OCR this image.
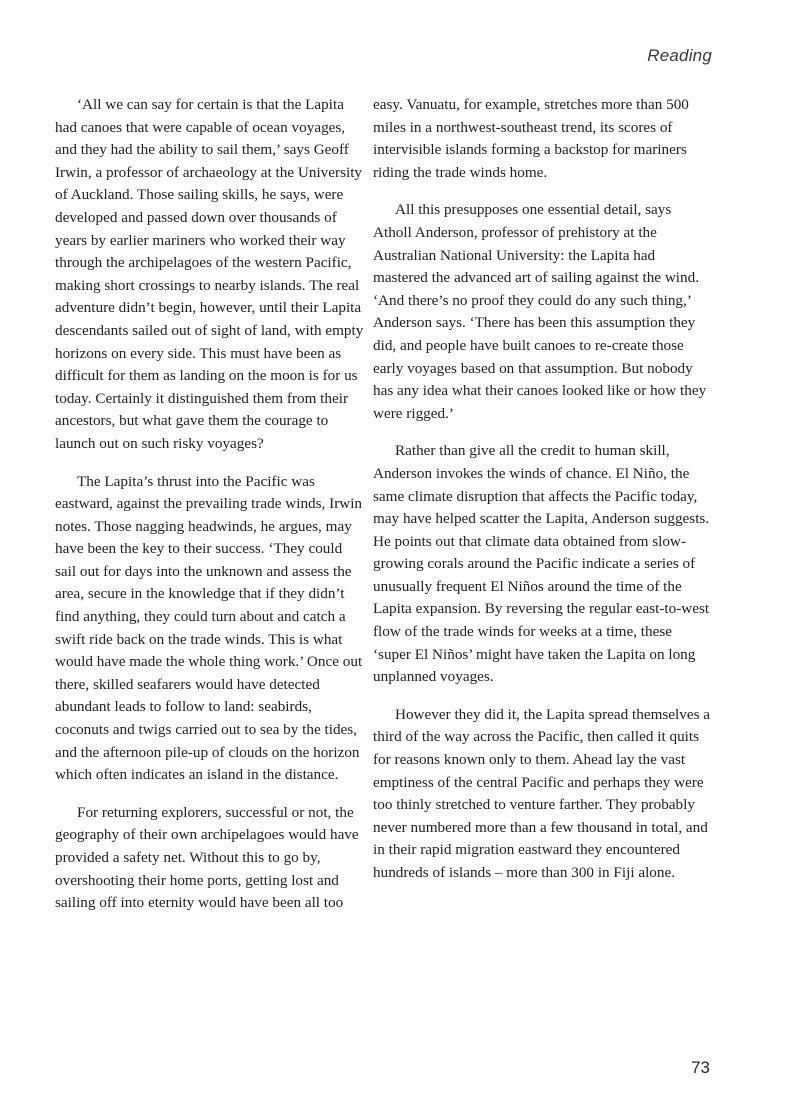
Reading

‘All we can say for certain is that the Lapita had canoes that were capable of ocean voyages, and they had the ability to sail them,’ says Geoff Irwin, a professor of archaeology at the University of Auckland. Those sailing skills, he says, were developed and passed down over thousands of years by earlier mariners who worked their way through the archipelagoes of the western Pacific, making short crossings to nearby islands. The real adventure didn’t begin, however, until their Lapita descendants sailed out of sight of land, with empty horizons on every side. This must have been as difficult for them as landing on the moon is for us today. Certainly it distinguished them from their ancestors, but what gave them the courage to launch out on such risky voyages?

The Lapita’s thrust into the Pacific was eastward, against the prevailing trade winds, Irwin notes. Those nagging headwinds, he argues, may have been the key to their success. ‘They could sail out for days into the unknown and assess the area, secure in the knowledge that if they didn’t find anything, they could turn about and catch a swift ride back on the trade winds. This is what would have made the whole thing work.’ Once out there, skilled seafarers would have detected abundant leads to follow to land: seabirds, coconuts and twigs carried out to sea by the tides, and the afternoon pile-up of clouds on the horizon which often indicates an island in the distance.

For returning explorers, successful or not, the geography of their own archipelagoes would have provided a safety net. Without this to go by, overshooting their home ports, getting lost and sailing off into eternity would have been all too

easy. Vanuatu, for example, stretches more than 500 miles in a northwest-southeast trend, its scores of intervisible islands forming a backstop for mariners riding the trade winds home.

All this presupposes one essential detail, says Atholl Anderson, professor of prehistory at the Australian National University: the Lapita had mastered the advanced art of sailing against the wind. ‘And there’s no proof they could do any such thing,’ Anderson says. ‘There has been this assumption they did, and people have built canoes to re-create those early voyages based on that assumption. But nobody has any idea what their canoes looked like or how they were rigged.’

Rather than give all the credit to human skill, Anderson invokes the winds of chance. El Niño, the same climate disruption that affects the Pacific today, may have helped scatter the Lapita, Anderson suggests. He points out that climate data obtained from slow-growing corals around the Pacific indicate a series of unusually frequent El Niños around the time of the Lapita expansion. By reversing the regular east-to-west flow of the trade winds for weeks at a time, these ‘super El Niños’ might have taken the Lapita on long unplanned voyages.

However they did it, the Lapita spread themselves a third of the way across the Pacific, then called it quits for reasons known only to them. Ahead lay the vast emptiness of the central Pacific and perhaps they were too thinly stretched to venture farther. They probably never numbered more than a few thousand in total, and in their rapid migration eastward they encountered hundreds of islands – more than 300 in Fiji alone.

73
